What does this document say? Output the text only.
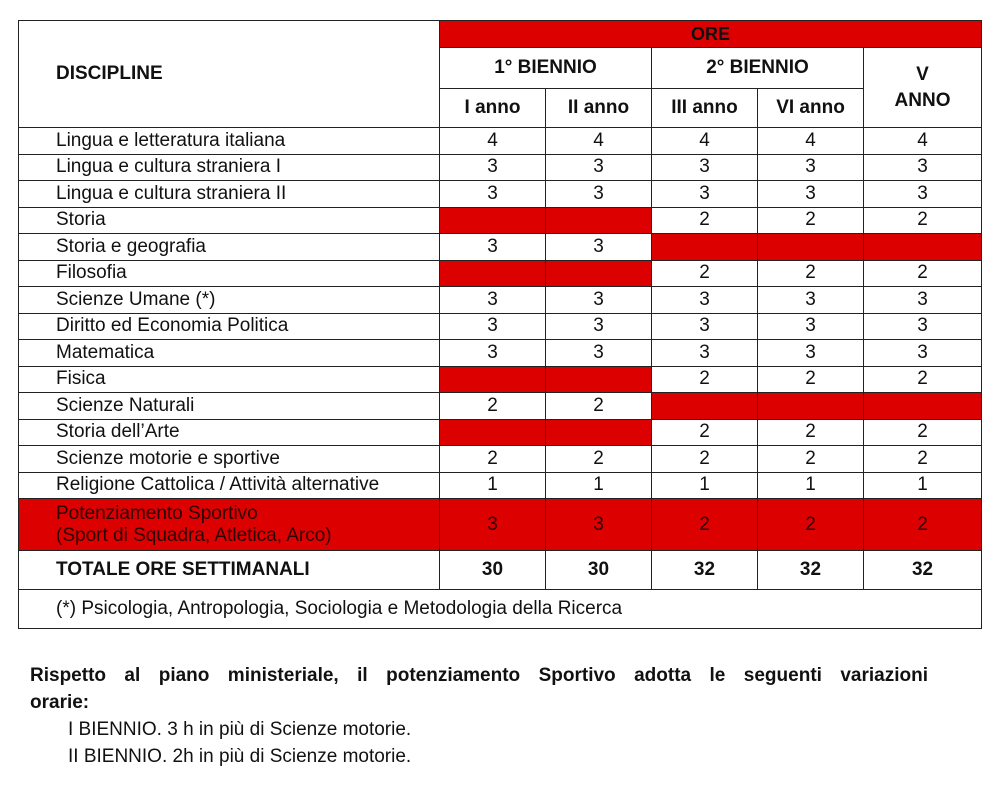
DISCIPLINE	ORE				
	1° BIENNIO		2° BIENNIO		V
ANNO
	I anno	II anno	III anno	VI anno	
Lingua e letteratura italiana	4	4	4	4	4
Lingua e cultura straniera I	3	3	3	3	3
Lingua e cultura straniera II	3	3	3	3	3
Storia			2	2	2
Storia e geografia	3	3			
Filosofia			2	2	2
Scienze Umane (*)	3	3	3	3	3
Diritto ed Economia Politica	3	3	3	3	3
Matematica	3	3	3	3	3
Fisica			2	2	2
Scienze Naturali	2	2			
Storia dell’Arte			2	2	2
Scienze motorie e sportive	2	2	2	2	2
Religione Cattolica / Attività alternative	1	1	1	1	1

Potenziamento Sportivo
(Sport di Squadra, Atletica, Arco)	3	3	2	2	2
TOTALE ORE SETTIMANALI	30	30	32	32	32
(*) Psicologia, Antropologia, Sociologia e Metodologia della Ricerca					
Rispetto al piano ministeriale, il potenziamento Sportivo adotta le seguenti variazioni
orarie:
I BIENNIO. 3 h in più di Scienze motorie.
II BIENNIO. 2h in più di Scienze motorie.
